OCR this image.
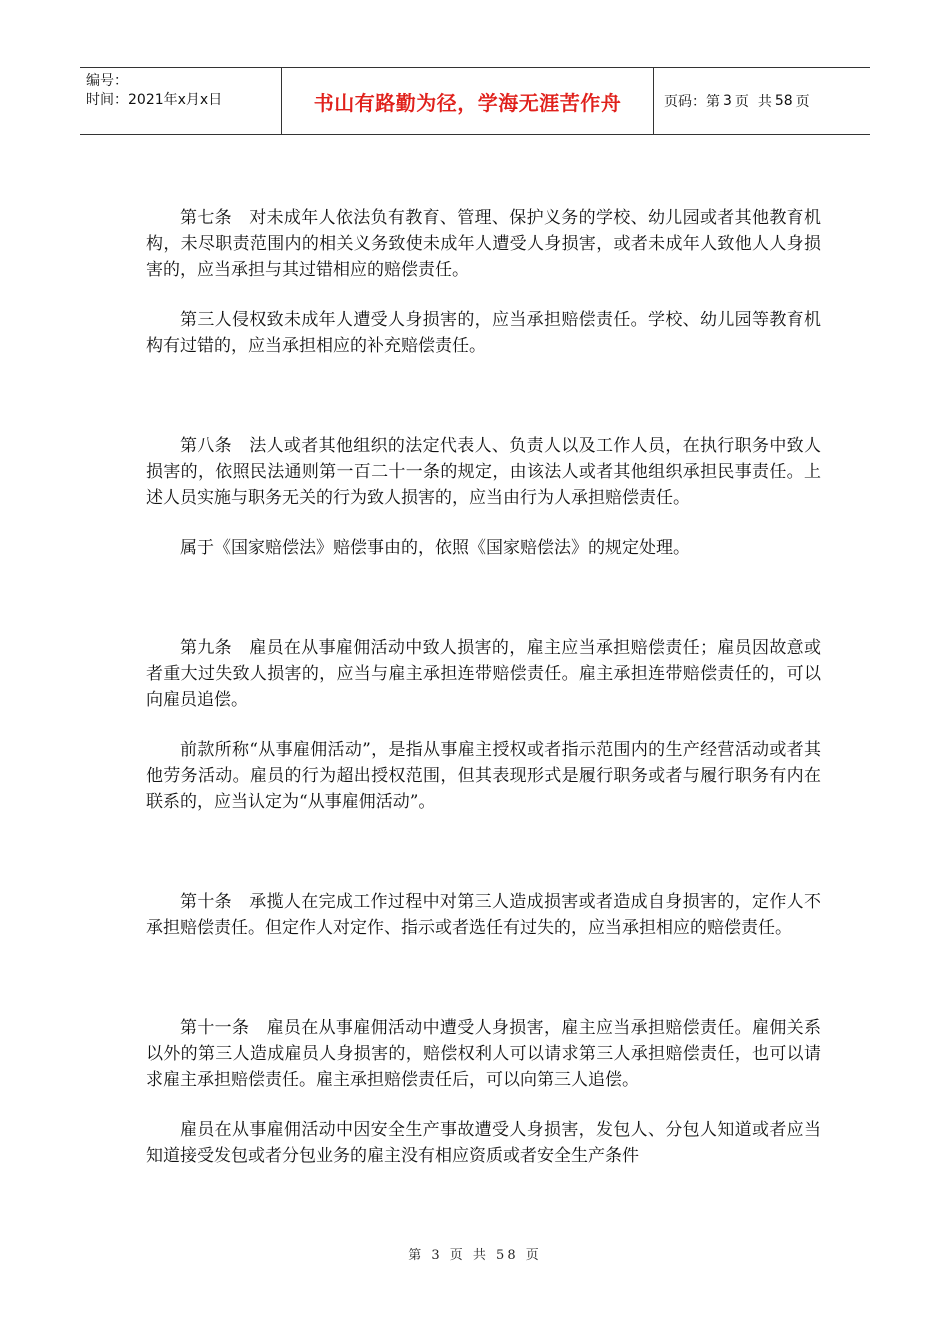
编号：
时间：2021年x月x日	书山有路勤为径，学海无涯苦作舟	页码：第 3 页  共 58 页

第七条   对未成年人依法负有教育、管理、保护义务的学校、幼儿园或者其他教育机构，未尽职责范围内的相关义务致使未成年人遭受人身损害，或者未成年人致他人人身损害的，应当承担与其过错相应的赔偿责任。

第三人侵权致未成年人遭受人身损害的，应当承担赔偿责任。学校、幼儿园等教育机构有过错的，应当承担相应的补充赔偿责任。

第八条   法人或者其他组织的法定代表人、负责人以及工作人员，在执行职务中致人损害的，依照民法通则第一百二十一条的规定，由该法人或者其他组织承担民事责任。上述人员实施与职务无关的行为致人损害的，应当由行为人承担赔偿责任。

属于《国家赔偿法》赔偿事由的，依照《国家赔偿法》的规定处理。

第九条   雇员在从事雇佣活动中致人损害的，雇主应当承担赔偿责任；雇员因故意或者重大过失致人损害的，应当与雇主承担连带赔偿责任。雇主承担连带赔偿责任的，可以向雇员追偿。

前款所称“从事雇佣活动”，是指从事雇主授权或者指示范围内的生产经营活动或者其他劳务活动。雇员的行为超出授权范围，但其表现形式是履行职务或者与履行职务有内在联系的，应当认定为“从事雇佣活动”。

第十条   承揽人在完成工作过程中对第三人造成损害或者造成自身损害的，定作人不承担赔偿责任。但定作人对定作、指示或者选任有过失的，应当承担相应的赔偿责任。

第十一条   雇员在从事雇佣活动中遭受人身损害，雇主应当承担赔偿责任。雇佣关系以外的第三人造成雇员人身损害的，赔偿权利人可以请求第三人承担赔偿责任，也可以请求雇主承担赔偿责任。雇主承担赔偿责任后，可以向第三人追偿。

雇员在从事雇佣活动中因安全生产事故遭受人身损害，发包人、分包人知道或者应当知道接受发包或者分包业务的雇主没有相应资质或者安全生产条件

第 3 页 共 58 页
